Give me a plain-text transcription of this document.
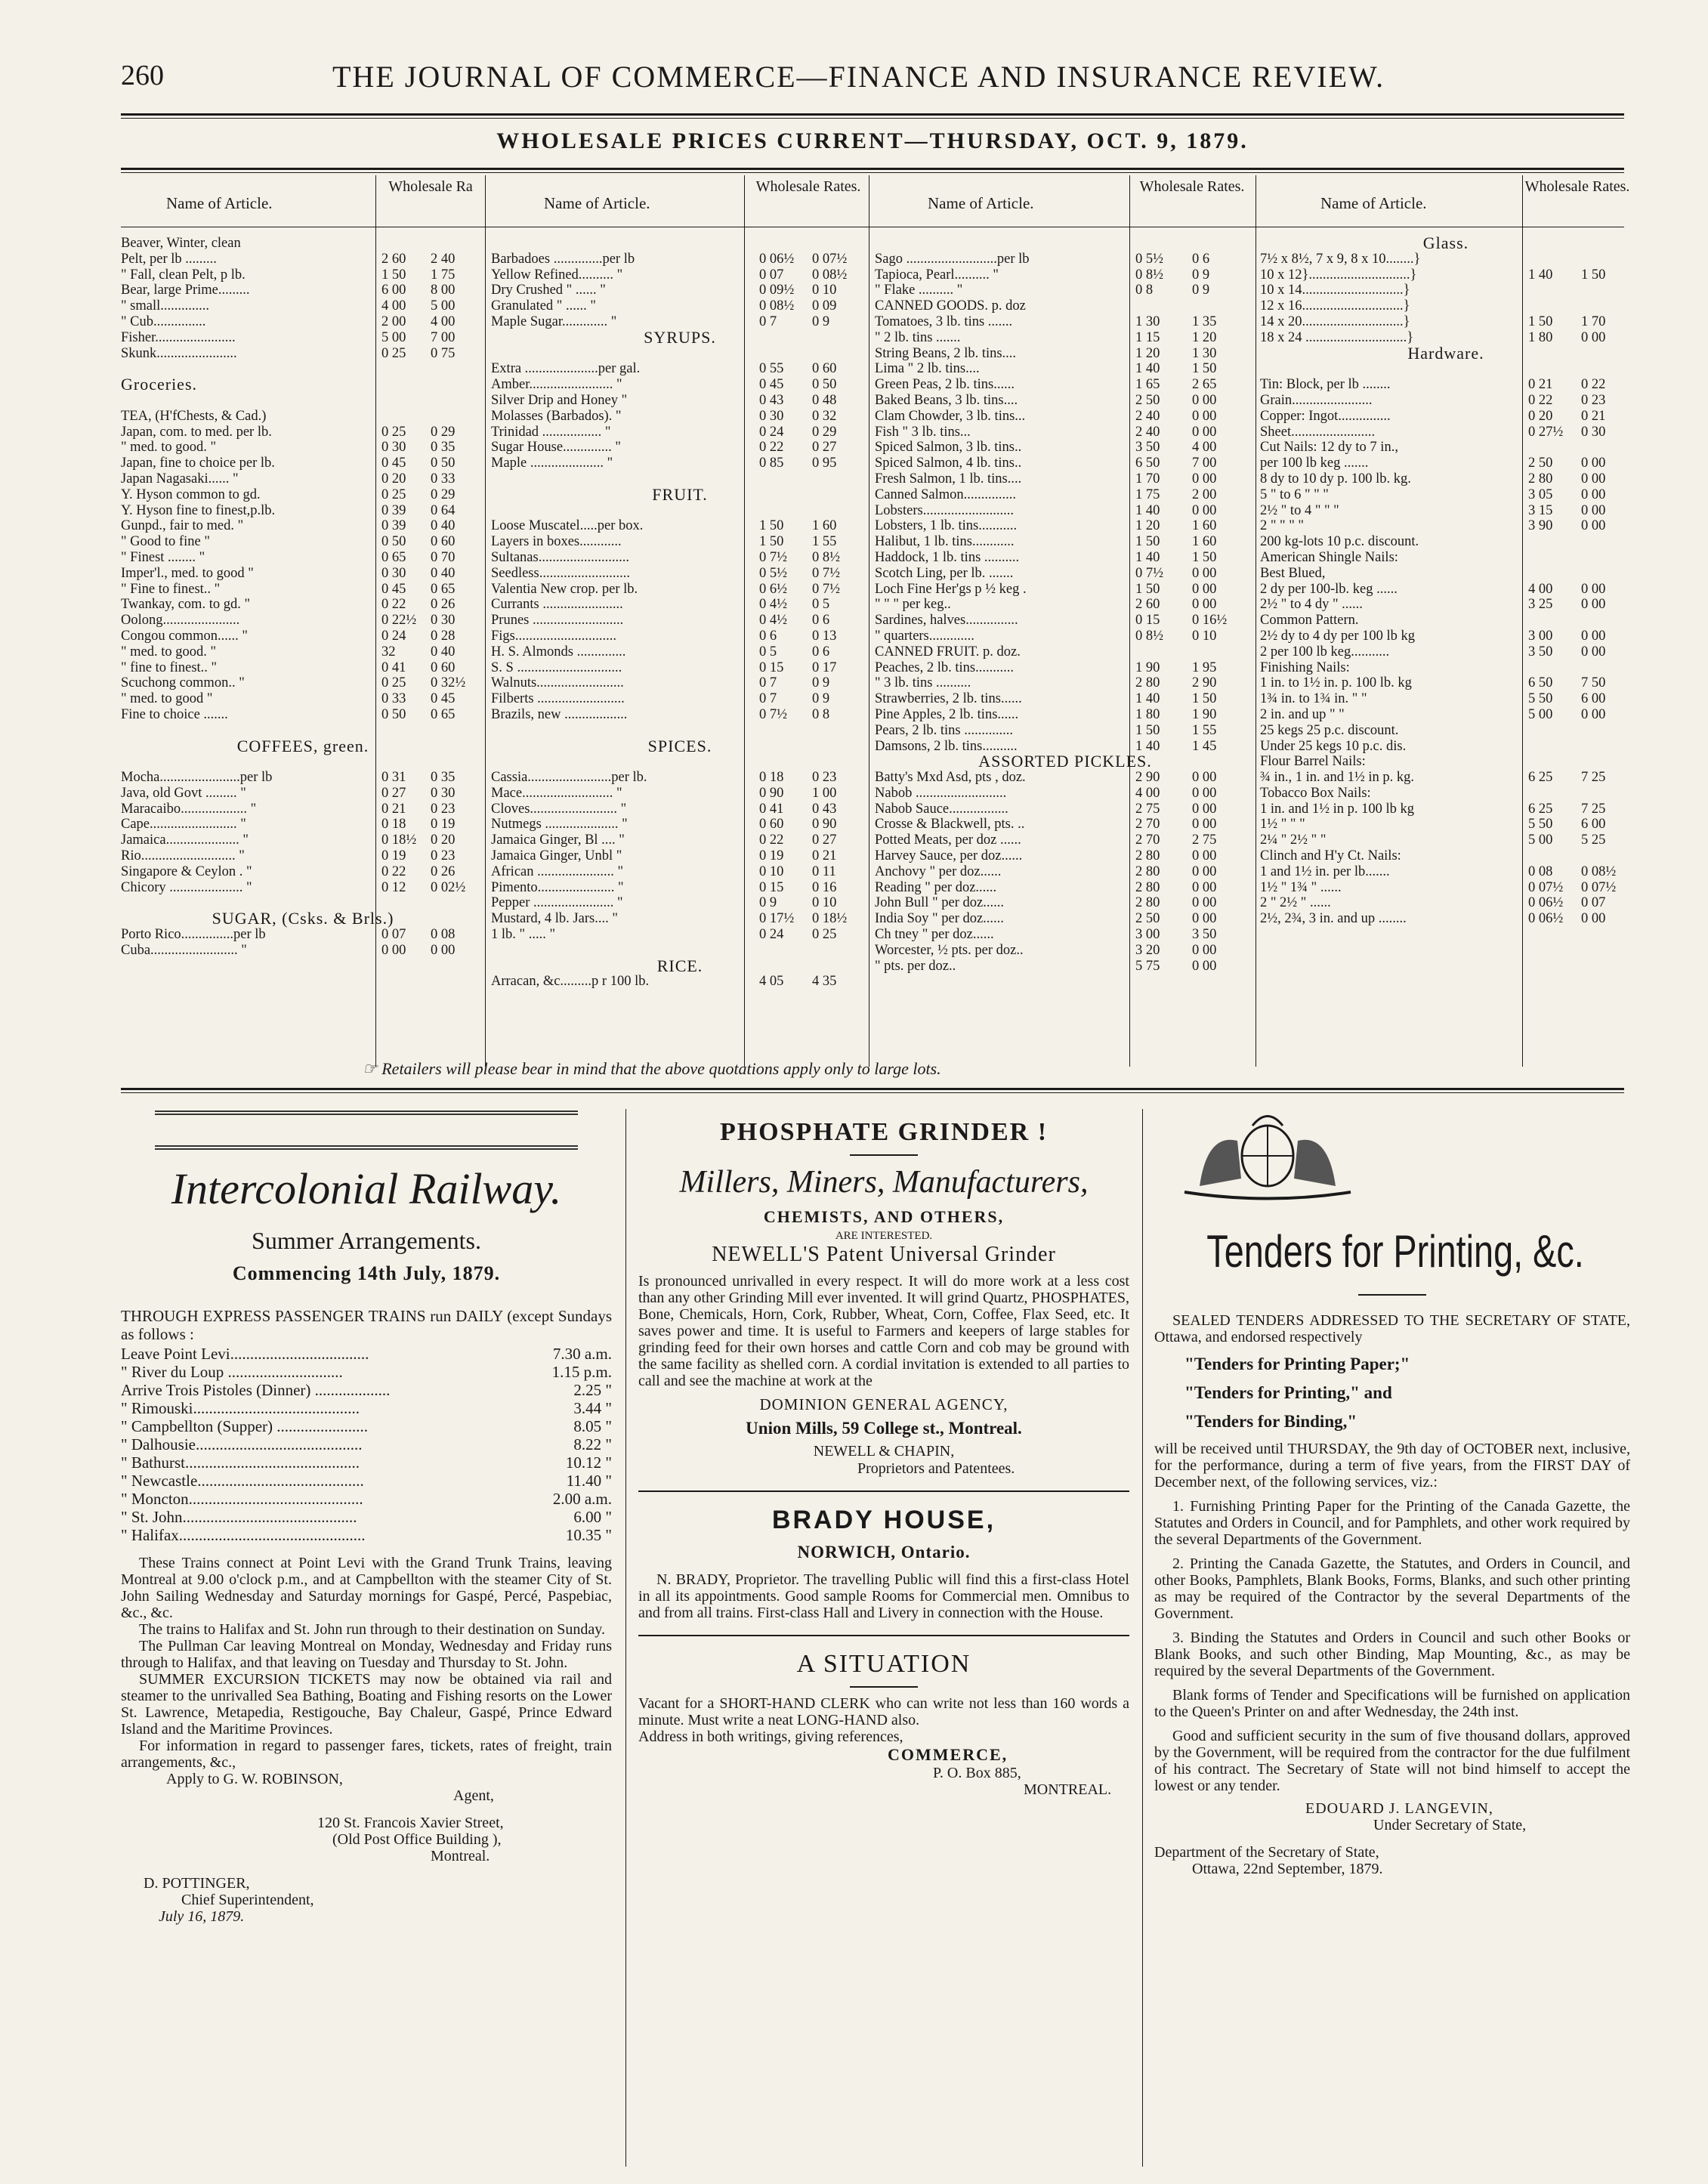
260	THE JOURNAL OF COMMERCE—FINANCE AND INSURANCE REVIEW.
WHOLESALE PRICES CURRENT—THURSDAY, OCT. 9, 1879.
Name of Article.
Wholesale Ra
Beaver, Winter, clean
Pelt, per lb .........	2 60 2 40
" Fall, clean Pelt, p lb.	1 50 1 75
Bear, large Prime.........	6 00 8 00
" small..............	4 00 5 00
" Cub...............	2 00 4 00
Fisher.......................	5 00 7 00
Skunk.......................	0 25 0 75
Groceries.
TEA, (H'fChests, & Cad.)
Japan, com. to med. per lb.	0 25 0 29
" med. to good. "	0 30 0 35
Japan, fine to choice per lb.	0 45 0 50
Japan Nagasaki...... "	0 20 0 33
Y. Hyson common to gd.	0 25 0 29
Y. Hyson fine to finest,p.lb.	0 39 0 64
Gunpd., fair to med. "	0 39 0 40
" Good to fine "	0 50 0 60
" Finest ........ "	0 65 0 70
Imper'l., med. to good "	0 30 0 40
" Fine to finest.. "	0 45 0 65
Twankay, com. to gd. "	0 22 0 26
Oolong......................	0 22½ 0 30
Congou common...... "	0 24 0 28
" med. to good. "	32	0 40
" fine to finest.. "	0 41 0 60
Scuchong common.. "	0 25 0 32½
" med. to good "	0 33 0 45
Fine to choice .......	0 50 0 65
COFFEES, green.
Mocha.......................per lb	0 31 0 35
Java, old Govt ......... "	0 27 0 30
Maracaibo................... "	0 21 0 23
Cape......................... "	0 18 0 19
Jamaica..................... "	0 18½ 0 20
Rio........................... "	0 19 0 23
Singapore & Ceylon . "	0 22 0 26
Chicory ..................... "	0 12 0 02½
SUGAR, (Csks. & Brls.)
Porto Rico...............per lb	0 07 0 08
Cuba......................... "	0 00 0 00
Name of Article.
Wholesale Rates.
Barbadoes ..............per lb	0 06½ 0 07½
Yellow Refined.......... "	0 07 0 08½
Dry Crushed " ...... "	0 09½ 0 10
Granulated " ...... "	0 08½ 0 09
Maple Sugar............. "	0 7	0 9
SYRUPS.
Extra .....................per gal.	0 55 0 60
Amber........................ "	0 45 0 50
Silver Drip and Honey "	0 43 0 48
Molasses (Barbados). "	0 30 0 32
Trinidad ................. "	0 24 0 29
Sugar House.............. "	0 22 0 27
Maple ..................... "	0 85 0 95
FRUIT.
Loose Muscatel.....per box.	1 50 1 60
Layers in boxes............	1 50 1 55
Sultanas..........................	0 7½ 0 8½
Seedless..........................	0 5½ 0 7½
Valentia New crop. per lb.	0 6½ 0 7½
Currants .......................	0 4½ 0 5
Prunes ..........................	0 4½ 0 6
Figs.............................	0 6	0 13
H. S. Almonds ..............	0 5	0 6
S. S ..............................	0 15 0 17
Walnuts.........................	0 7	0 9
Filberts .........................	0 7	0 9
Brazils, new ..................	0 7½ 0 8
SPICES.
Cassia........................per lb.	0 18 0 23
Mace.......................... "	0 90 1 00
Cloves......................... "	0 41 0 43
Nutmegs ..................... "	0 60 0 90
Jamaica Ginger, Bl .... "	0 22 0 27
Jamaica Ginger, Unbl "	0 19 0 21
African ...................... "	0 10 0 11
Pimento...................... "	0 15 0 16
Pepper ....................... "	0 9	0 10
Mustard, 4 lb. Jars.... "	0 17½ 0 18½
1 lb. " ..... "	0 24 0 25
RICE.
Arracan, &c.........p r 100 lb.	4 05 4 35
Name of Article.
Wholesale Rates.
Sago ..........................per lb	0 5½ 0 6
Tapioca, Pearl.......... "	0 8½ 0 9
" Flake .......... "	0 8	0 9
CANNED GOODS. p. doz
Tomatoes, 3 lb. tins .......	1 30 1 35
" 2 lb. tins .......	1 15 1 20
String Beans, 2 lb. tins....	1 20 1 30
Lima " 2 lb. tins....	1 40 1 50
Green Peas, 2 lb. tins......	1 65 2 65
Baked Beans, 3 lb. tins....	2 50 0 00
Clam Chowder, 3 lb. tins...	2 40 0 00
Fish " 3 lb. tins...	2 40 0 00
Spiced Salmon, 3 lb. tins..	3 50 4 00
Spiced Salmon, 4 lb. tins..	6 50 7 00
Fresh Salmon, 1 lb. tins....	1 70 0 00
Canned Salmon...............	1 75 2 00
Lobsters..........................	1 40 0 00
Lobsters, 1 lb. tins...........	1 20 1 60
Halibut, 1 lb. tins............	1 50 1 60
Haddock, 1 lb. tins ..........	1 40 1 50
Scotch Ling, per lb. .......	0 7½ 0 00
Loch Fine Her'gs p ½ keg .	1 50 0 00
" " " per keg..	2 60 0 00
Sardines, halves...............	0 15 0 16½
" quarters.............	0 8½ 0 10
CANNED FRUIT. p. doz.
Peaches, 2 lb. tins...........	1 90 1 95
" 3 lb. tins ..........	2 80 2 90
Strawberries, 2 lb. tins......	1 40 1 50
Pine Apples, 2 lb. tins......	1 80 1 90
Pears, 2 lb. tins ..............	1 50 1 55
Damsons, 2 lb. tins..........	1 40 1 45
ASSORTED PICKLES.
Batty's Mxd Asd, pts , doz.	2 90 0 00
Nabob ..........................	4 00 0 00
Nabob Sauce.................	2 75 0 00
Crosse & Blackwell, pts. ..	2 70 0 00
Potted Meats, per doz ......	2 70 2 75
Harvey Sauce, per doz......	2 80 0 00
Anchovy " per doz......	2 80 0 00
Reading " per doz......	2 80 0 00
John Bull " per doz......	2 80 0 00
India Soy " per doz......	2 50 0 00
Ch tney " per doz......	3 00 3 50
Worcester, ½ pts. per doz..	3 20 0 00
" pts. per doz..	5 75 0 00
Name of Article.
Wholesale Rates.
Glass.
7½ x 8½, 7 x 9, 8 x 10........}
10 x 12}.............................}	1 40 1 50
10 x 14.............................}
12 x 16.............................}
14 x 20.............................}	1 50 1 70
18 x 24 .............................}	1 80 0 00
Hardware.
Tin: Block, per lb ........	0 21 0 22
Grain.......................	0 22 0 23
Copper: Ingot...............	0 20 0 21
Sheet........................	0 27½ 0 30
Cut Nails: 12 dy to 7 in.,
per 100 lb keg .......	2 50 0 00
8 dy to 10 dy p. 100 lb. kg.	2 80 0 00
5 " to 6 " " "	3 05 0 00
2½ " to 4 " " "	3 15 0 00
2 " " " "	3 90 0 00
200 kg-lots 10 p.c. discount.
American Shingle Nails:
Best Blued,
2 dy per 100-lb. keg ......	4 00 0 00
2½ " to 4 dy " ......	3 25 0 00
Common Pattern.
2½ dy to 4 dy per 100 lb kg	3 00 0 00
2 per 100 lb keg...........	3 50 0 00
Finishing Nails:
1 in. to 1½ in. p. 100 lb. kg	6 50 7 50
1¾ in. to 1¾ in. " "	5 50 6 00
2 in. and up " "	5 00 0 00
25 kegs 25 p.c. discount.
Under 25 kegs 10 p.c. dis.
Flour Barrel Nails:
¾ in., 1 in. and 1½ in p. kg.	6 25 7 25
Tobacco Box Nails:
1 in. and 1½ in p. 100 lb kg	6 25 7 25
1½ " " "	5 50 6 00
2¼ " 2½ " "	5 00 5 25
Clinch and H'y Ct. Nails:
1 and 1½ in. per lb.......	0 08 0 08½
1½ " 1¾ " ......	0 07½ 0 07½
2 " 2½ " ......	0 06½ 0 07
2½, 2¾, 3 in. and up ........	0 06½ 0 00
☞ Retailers will please bear in mind that the above quotations apply only to large lots.
Intercolonial Railway.
Summer Arrangements.
Commencing 14th July, 1879.
THROUGH EXPRESS PASSENGER TRAINS run DAILY (except Sundays as follows :
Leave Point Levi...................................	7.30 a.m.
" River du Loup .............................	1.15 p.m.
Arrive Trois Pistoles (Dinner) ...................	2.25 "
" Rimouski..........................................	3.44 "
" Campbellton (Supper) .......................	8.05 "
" Dalhousie..........................................	8.22 "
" Bathurst............................................	10.12 "
" Newcastle..........................................	11.40 "
" Moncton............................................	2.00 a.m.
" St. John............................................	6.00 "
" Halifax...............................................	10.35 "
These Trains connect at Point Levi with the Grand Trunk Trains, leaving Montreal at 9.00 o'clock p.m., and at Campbellton with the steamer City of St. John Sailing Wednesday and Saturday mornings for Gaspé, Percé, Paspebiac, &c., &c.
The trains to Halifax and St. John run through to their destination on Sunday.
The Pullman Car leaving Montreal on Monday, Wednesday and Friday runs through to Halifax, and that leaving on Tuesday and Thursday to St. John.
SUMMER EXCURSION TICKETS may now be obtained via rail and steamer to the unrivalled Sea Bathing, Boating and Fishing resorts on the Lower St. Lawrence, Metapedia, Restigouche, Bay Chaleur, Gaspé, Prince Edward Island and the Maritime Provinces.
For information in regard to passenger fares, tickets, rates of freight, train arrangements, &c.,
Apply to G. W. ROBINSON,
Agent,
120 St. Francois Xavier Street,
(Old Post Office Building ),
Montreal.
D. POTTINGER,
Chief Superintendent,
July 16, 1879.
PHOSPHATE GRINDER !
Millers, Miners, Manufacturers,
CHEMISTS, AND OTHERS,
ARE INTERESTED.
NEWELL'S Patent Universal Grinder
Is pronounced unrivalled in every respect. It will do more work at a less cost than any other Grinding Mill ever invented. It will grind Quartz, PHOSPHATES, Bone, Chemicals, Horn, Cork, Rubber, Wheat, Corn, Coffee, Flax Seed, etc. It saves power and time. It is useful to Farmers and keepers of large stables for grinding feed for their own horses and cattle Corn and cob may be ground with the same facility as shelled corn. A cordial invitation is extended to all parties to call and see the machine at work at the
DOMINION GENERAL AGENCY,
Union Mills, 59 College st., Montreal.
NEWELL & CHAPIN,
Proprietors and Patentees.
BRADY HOUSE,
NORWICH, Ontario.
N. BRADY, Proprietor. The travelling Public will find this a first-class Hotel in all its appointments. Good sample Rooms for Commercial men. Omnibus to and from all trains. First-class Hall and Livery in connection with the House.
A SITUATION
Vacant for a SHORT-HAND CLERK who can write not less than 160 words a minute. Must write a neat LONG-HAND also.
Address in both writings, giving references,
COMMERCE,
P. O. Box 885,
MONTREAL.
Tenders for Printing, &c.
SEALED TENDERS ADDRESSED TO THE SECRETARY OF STATE, Ottawa, and endorsed respectively
"Tenders for Printing Paper;"
"Tenders for Printing," and
"Tenders for Binding,"
will be received until THURSDAY, the 9th day of OCTOBER next, inclusive, for the performance, during a term of five years, from the FIRST DAY of December next, of the following services, viz.:
1. Furnishing Printing Paper for the Printing of the Canada Gazette, the Statutes and Orders in Council, and for Pamphlets, and other work required by the several Departments of the Government.
2. Printing the Canada Gazette, the Statutes, and Orders in Council, and other Books, Pamphlets, Blank Books, Forms, Blanks, and such other printing as may be required of the Contractor by the several Departments of the Government.
3. Binding the Statutes and Orders in Council and such other Books or Blank Books, and such other Binding, Map Mounting, &c., as may be required by the several Departments of the Government.
Blank forms of Tender and Specifications will be furnished on application to the Queen's Printer on and after Wednesday, the 24th inst.
Good and sufficient security in the sum of five thousand dollars, approved by the Government, will be required from the contractor for the due fulfilment of his contract. The Secretary of State will not bind himself to accept the lowest or any tender.
EDOUARD J. LANGEVIN,
Under Secretary of State,
Department of the Secretary of State,
Ottawa, 22nd September, 1879.
